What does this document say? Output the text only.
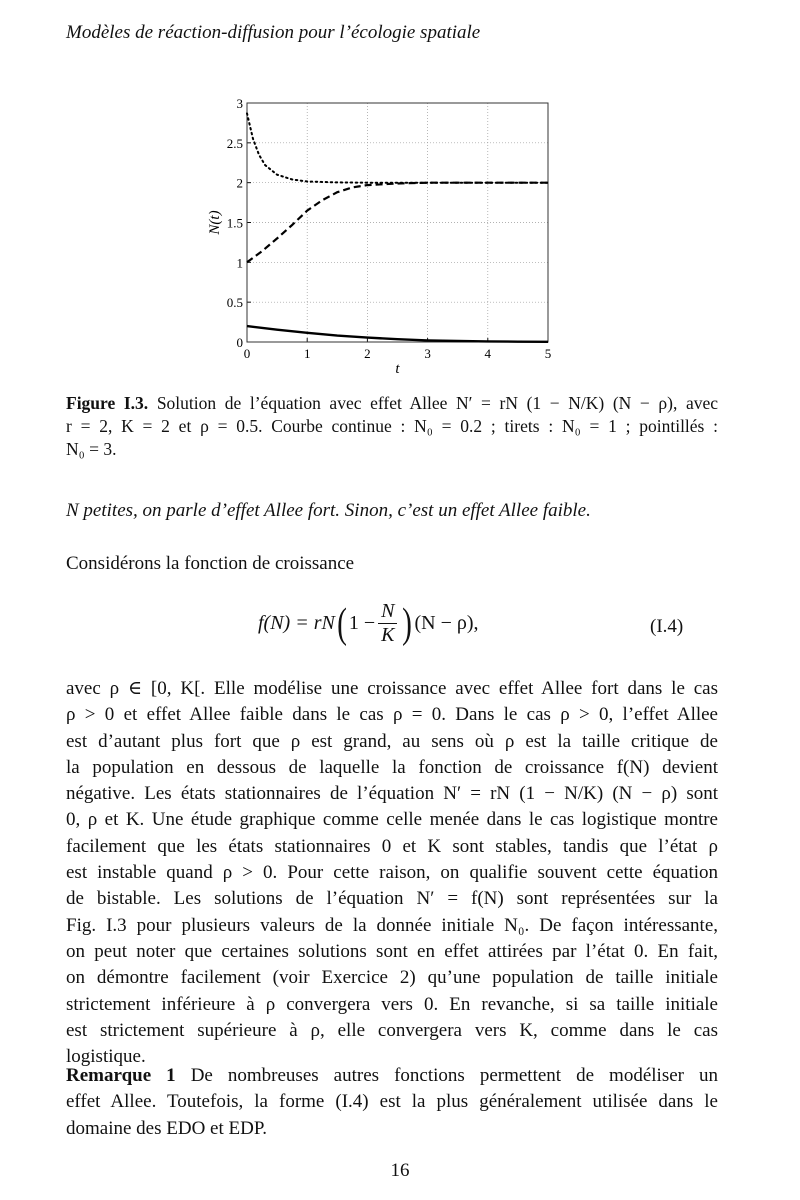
Modèles de réaction-diffusion pour l’écologie spatiale
0	1	2	3	4	5
0
0.5
1
1.5
2
2.5
3
t
N(t)
Figure I.3. Solution de l’équation avec effet Allee N′ = rN (1 − N/K) (N − ρ), avec
r = 2, K = 2 et ρ = 0.5. Courbe continue : N₀ = 0.2 ; tirets : N₀ = 1 ; pointillés :
N₀ = 3.
N petites, on parle d’effet Allee fort. Sinon, c’est un effet Allee faible.
Considérons la fonction de croissance
f(N) = rN ( $1 - \frac{N}{K}$ ) (N − ρ),	(I.4)
avec ρ ∈ [0, K[. Elle modélise une croissance avec effet Allee fort dans le cas
ρ > 0 et effet Allee faible dans le cas ρ = 0. Dans le cas ρ > 0, l’effet Allee
est d’autant plus fort que ρ est grand, au sens où ρ est la taille critique de
la population en dessous de laquelle la fonction de croissance f(N) devient
négative. Les états stationnaires de l’équation N′ = rN (1 − N/K) (N − ρ) sont
0, ρ et K. Une étude graphique comme celle menée dans le cas logistique montre
facilement que les états stationnaires 0 et K sont stables, tandis que l’état ρ
est instable quand ρ > 0. Pour cette raison, on qualifie souvent cette équation
de bistable. Les solutions de l’équation N′ = f(N) sont représentées sur la
Fig. I.3 pour plusieurs valeurs de la donnée initiale N₀. De façon intéressante,
on peut noter que certaines solutions sont en effet attirées par l’état 0. En fait,
on démontre facilement (voir Exercice 2) qu’une population de taille initiale
strictement inférieure à ρ convergera vers 0. En revanche, si sa taille initiale
est strictement supérieure à ρ, elle convergera vers K, comme dans le cas
logistique.
Remarque 1 De nombreuses autres fonctions permettent de modéliser un
effet Allee. Toutefois, la forme (I.4) est la plus généralement utilisée dans le
domaine des EDO et EDP.
16
